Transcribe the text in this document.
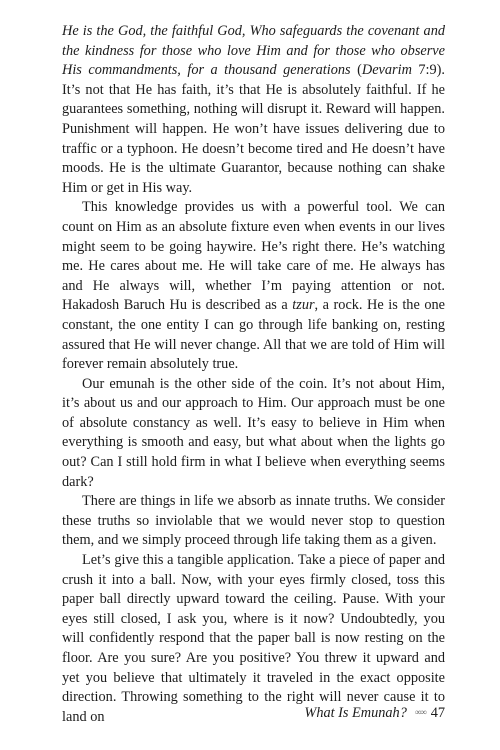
He is the God, the faithful God, Who safeguards the covenant and the kindness for those who love Him and for those who observe His commandments, for a thousand generations (Devarim 7:9). It’s not that He has faith, it’s that He is absolutely faithful. If he guarantees something, nothing will disrupt it. Reward will happen. Punishment will happen. He won’t have issues delivering due to traffic or a typhoon. He doesn’t become tired and He doesn’t have moods. He is the ultimate Guarantor, because nothing can shake Him or get in His way.

This knowledge provides us with a powerful tool. We can count on Him as an absolute fixture even when events in our lives might seem to be going haywire. He’s right there. He’s watching me. He cares about me. He will take care of me. He always has and He always will, whether I’m paying attention or not. Hakadosh Baruch Hu is described as a tzur, a rock. He is the one constant, the one entity I can go through life banking on, resting assured that He will never change. All that we are told of Him will forever remain absolutely true.

Our emunah is the other side of the coin. It’s not about Him, it’s about us and our approach to Him. Our approach must be one of absolute constancy as well. It’s easy to believe in Him when everything is smooth and easy, but what about when the lights go out? Can I still hold firm in what I believe when everything seems dark?

There are things in life we absorb as innate truths. We consider these truths so inviolable that we would never stop to question them, and we simply proceed through life taking them as a given.

Let’s give this a tangible application. Take a piece of paper and crush it into a ball. Now, with your eyes firmly closed, toss this paper ball directly upward toward the ceiling. Pause. With your eyes still closed, I ask you, where is it now? Undoubtedly, you will confidently respond that the paper ball is now resting on the floor. Are you sure? Are you positive? You threw it upward and yet you believe that ultimately it traveled in the exact opposite direction. Throwing something to the right will never cause it to land on	What Is Emunah? ∞∞ 47
